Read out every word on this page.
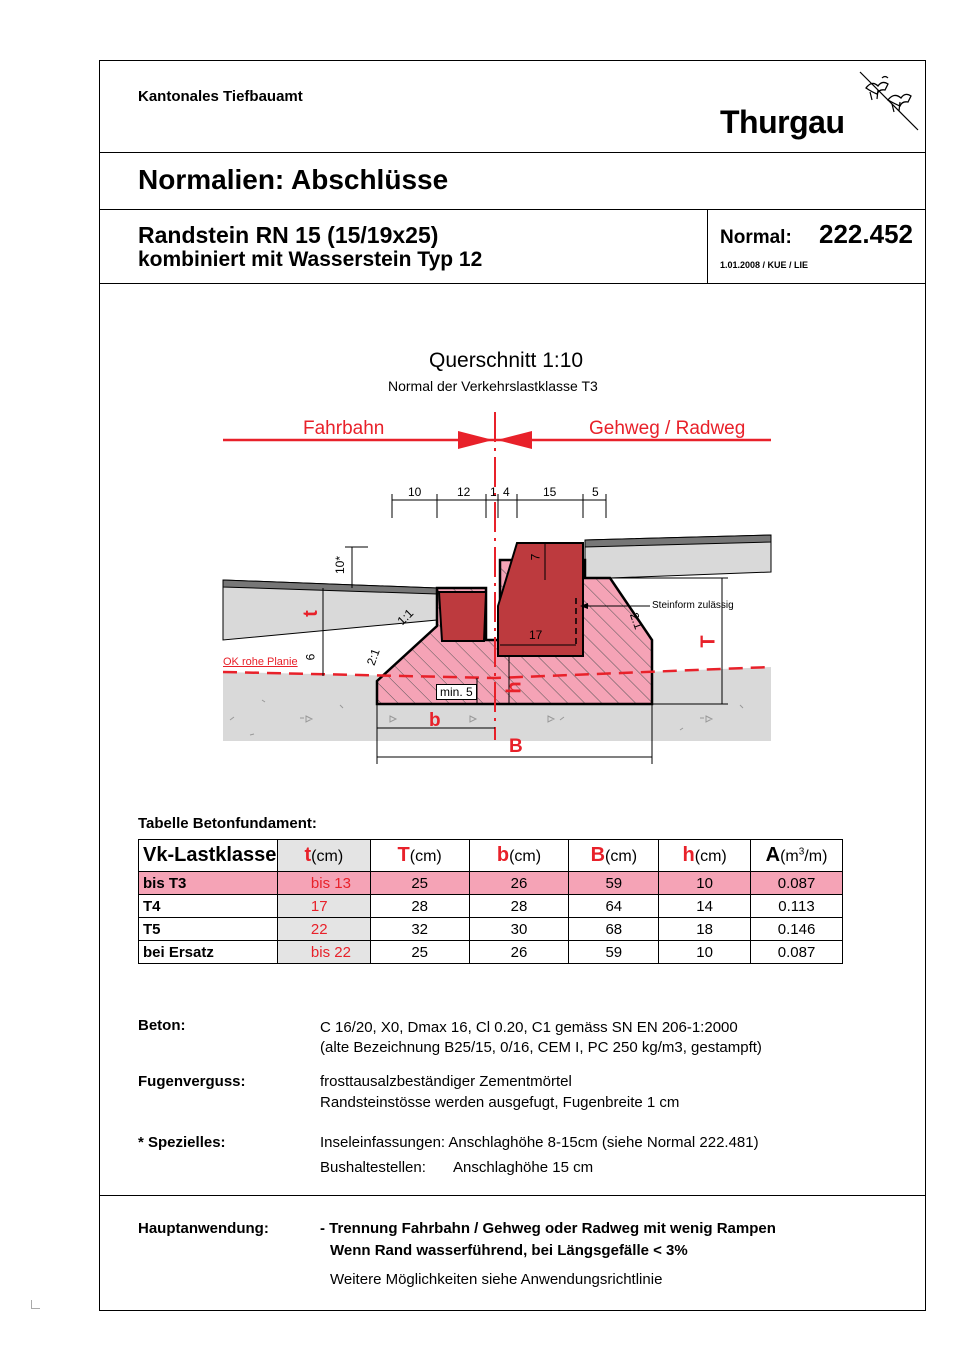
Kantonales Tiefbauamt
Thurgau
Normalien: Abschlüsse
Randstein RN 15 (15/19x25)
kombiniert mit Wasserstein Typ 12
Normal: 222.452
1.01.2008 / KUE / LIE
Querschnitt 1:10
Normal der Verkehrslastklasse T3
Fahrbahn	Gehweg / Radweg
10	12 1 4	15	5
10*	7
17
6
min. 5
1:1
2:1
2:1
Steinform zulässig
OK rohe Planie
t
T
h
b
B
Tabelle Betonfundament:
Vk-Lastklasse	t(cm)	T(cm)	b(cm)	B(cm)	h(cm)	$A(m^3/m)$
bis T3	bis 13	25	26	59	10	0.087
T4	17	28	28	64	14	0.113
T5	22	32	30	68	18	0.146
bei Ersatz	bis 22	25	26	59	10	0.087
Beton:	C 16/20, X0, Dmax 16, Cl 0.20, C1 gemäss SN EN 206-1:2000
(alte Bezeichnung B25/15, 0/16, CEM I, PC 250 kg/m3, gestampft)
Fugenverguss:	frosttausalzbeständiger Zementmörtel
Randsteinstösse werden ausgefugt, Fugenbreite 1 cm
* Spezielles:	Inseleinfassungen: Anschlaghöhe 8-15cm (siehe Normal 222.481)
Bushaltestellen: Anschlaghöhe 15 cm
Hauptanwendung:	- Trennung Fahrbahn / Gehweg oder Radweg mit wenig Rampen
Wenn Rand wasserführend, bei Längsgefälle < 3%
Weitere Möglichkeiten siehe Anwendungsrichtlinie
